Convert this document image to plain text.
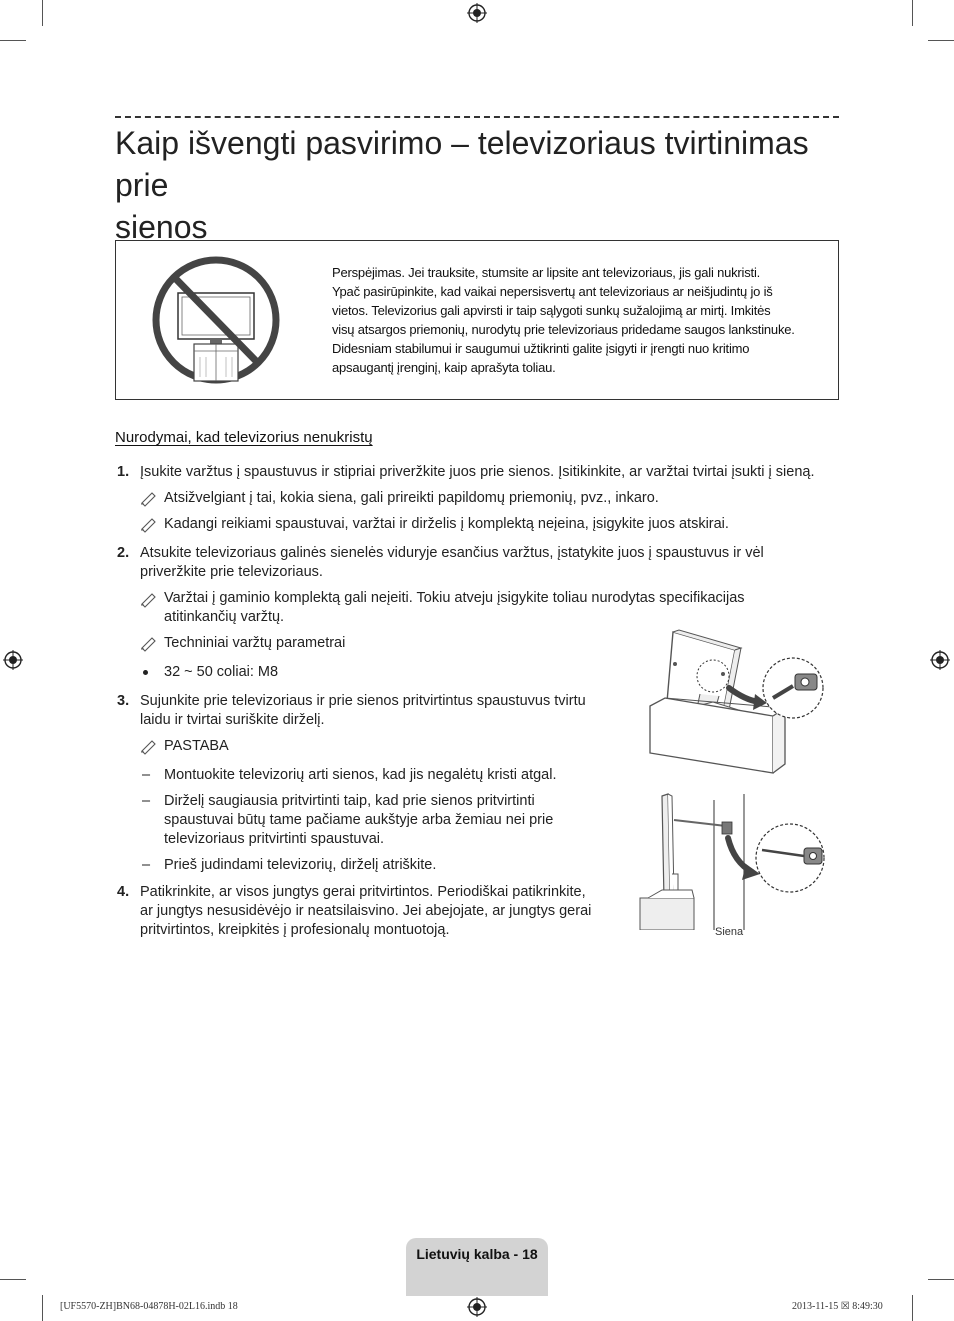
Kaip išvengti pasvirimo – televizoriaus tvirtinimas prie
sienos
Perspėjimas. Jei trauksite, stumsite ar lipsite ant televizoriaus, jis gali nukristi.
Ypač pasirūpinkite, kad vaikai nepersisvertų ant televizoriaus ar neišjudintų jo iš
vietos. Televizorius gali apvirsti ir taip sąlygoti sunkų sužalojimą ar mirtį. Imkitės
visų atsargos priemonių, nurodytų prie televizoriaus pridedame saugos lankstinuke.
Didesniam stabilumui ir saugumui užtikrinti galite įsigyti ir įrengti nuo kritimo
apsaugantį įrenginį, kaip aprašyta toliau.
Nurodymai, kad televizorius nenukristų
1. Įsukite varžtus į spaustuvus ir stipriai priveržkite juos prie sienos. Įsitikinkite, ar varžtai tvirtai įsukti į sieną.
Atsižvelgiant į tai, kokia siena, gali prireikti papildomų priemonių, pvz., inkaro.
Kadangi reikiami spaustuvai, varžtai ir dirželis į komplektą neįeina, įsigykite juos atskirai.
2. Atsukite televizoriaus galinės sienelės viduryje esančius varžtus, įstatykite juos į spaustuvus ir vėl
priveržkite prie televizoriaus.
Varžtai į gaminio komplektą gali neįeiti. Tokiu atveju įsigykite toliau nurodytas specifikacijas
atitinkančių varžtų.
Techniniai varžtų parametrai
32 ~ 50 coliai: M8
3. Sujunkite prie televizoriaus ir prie sienos pritvirtintus spaustuvus tvirtu
laidu ir tvirtai suriškite dirželį.
PASTABA
– Montuokite televizorių arti sienos, kad jis negalėtų kristi atgal.
– Dirželį saugiausia pritvirtinti taip, kad prie sienos pritvirtinti
spaustuvai būtų tame pačiame aukštyje arba žemiau nei prie
televizoriaus pritvirtinti spaustuvai.
– Prieš judindami televizorių, dirželį atriškite.
4. Patikrinkite, ar visos jungtys gerai pritvirtintos. Periodiškai patikrinkite,
ar jungtys nesusidėvėjo ir neatsilaisvino. Jei abejojate, ar jungtys gerai
pritvirtintos, kreipkitės į profesionalų montuotoją.	Siena
Lietuvių kalba - 18
[UF5570-ZH]BN68-04878H-02L16.indb 18	2013-11-15 ☒ 8:49:30
